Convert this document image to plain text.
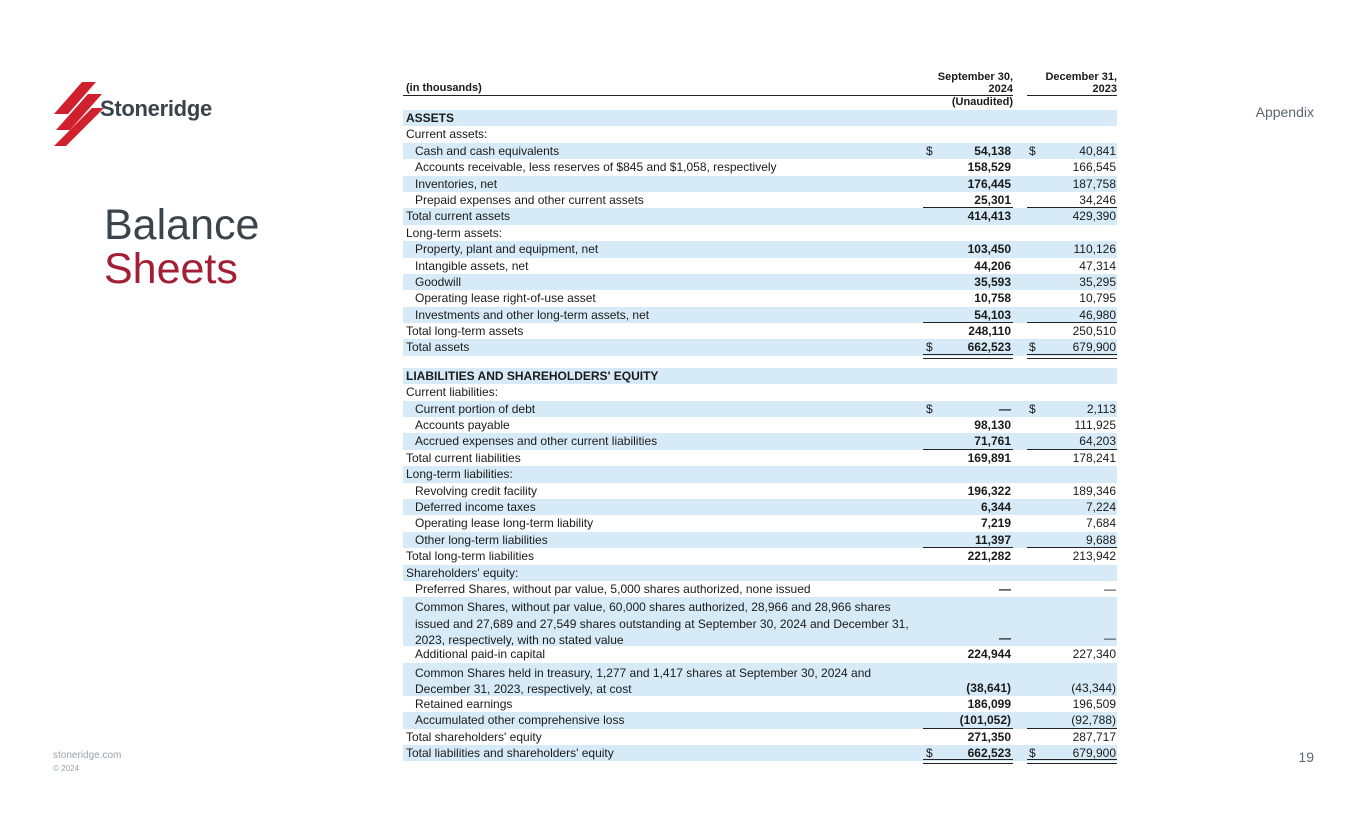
Stoneridge
Balance
Sheets
Appendix
19
stoneridge.com
© 2024
(in thousands)
September 30,
2024
December 31,
2023
(Unaudited)
ASSETS
Current assets:
Cash and cash equivalents	$	54,138 $	40,841
Accounts receivable, less reserves of $845 and $1,058, respectively	158,529	166,545
Inventories, net	176,445	187,758
Prepaid expenses and other current assets	25,301	34,246
Total current assets	414,413	429,390
Long-term assets:
Property, plant and equipment, net	103,450	110,126
Intangible assets, net	44,206	47,314
Goodwill	35,593	35,295
Operating lease right-of-use asset	10,758	10,795
Investments and other long-term assets, net	54,103	46,980
Total long-term assets	248,110	250,510
Total assets	$	662,523 $	679,900
LIABILITIES AND SHAREHOLDERS' EQUITY
Current liabilities:
Current portion of debt	$	— $	2,113
Accounts payable	98,130	111,925
Accrued expenses and other current liabilities	71,761	64,203
Total current liabilities	169,891	178,241
Long-term liabilities:
Revolving credit facility	196,322	189,346
Deferred income taxes	6,344	7,224
Operating lease long-term liability	7,219	7,684
Other long-term liabilities	11,397	9,688
Total long-term liabilities	221,282	213,942
Shareholders' equity:
Preferred Shares, without par value, 5,000 shares authorized, none issued	—	—
Common Shares, without par value, 60,000 shares authorized, 28,966 and 28,966 shares issued and 27,689 and 27,549 shares outstanding at September 30, 2024 and December 31, 2023, respectively, with no stated value	—	—
Additional paid-in capital	224,944	227,340
Common Shares held in treasury, 1,277 and 1,417 shares at September 30, 2024 and December 31, 2023, respectively, at cost	(38,641)	(43,344)
Retained earnings	186,099	196,509
Accumulated other comprehensive loss	(101,052)	(92,788)
Total shareholders' equity	271,350	287,717
Total liabilities and shareholders' equity	$	662,523 $	679,900
